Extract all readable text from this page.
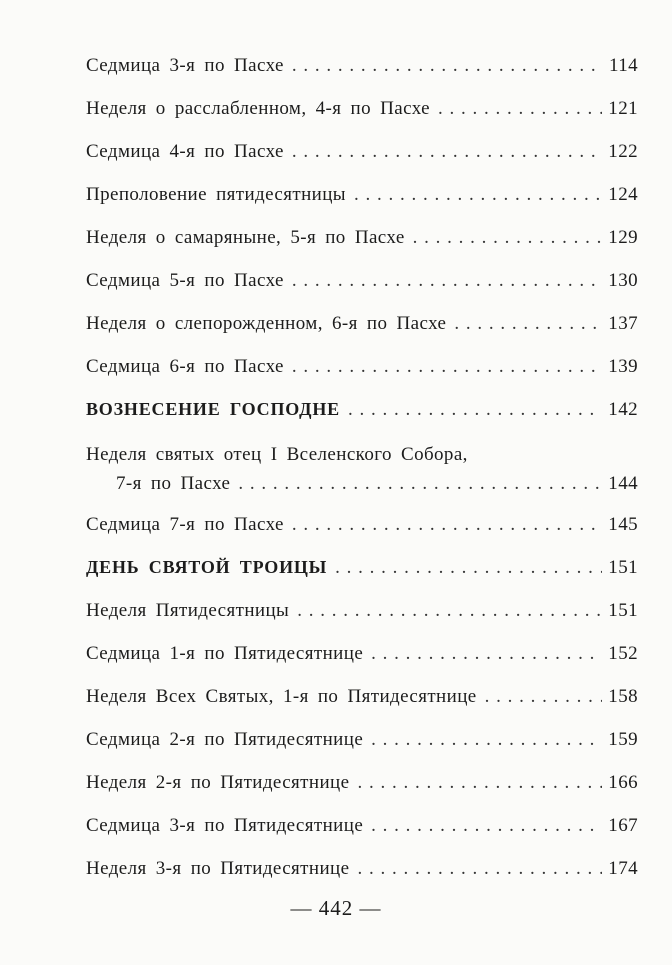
Седмица 3-я по Пасхе . . .	114
Неделя о расслабленном, 4-я по Пасхе . . .	121
Седмица 4-я по Пасхе . . .	122
Преполовение пятидесятницы . . .	124
Неделя о самаряныне, 5-я по Пасхе . . .	129
Седмица 5-я по Пасхе . . .	130
Неделя о слепорожденном, 6-я по Пасхе . . .	137
Седмица 6-я по Пасхе . . .	139
ВОЗНЕСЕНИЕ ГОСПОДНЕ . . .	142
Неделя святых отец I Вселенского Собора,
7-я по Пасхе . . .	144
Седмица 7-я по Пасхе . . .	145
ДЕНЬ СВЯТОЙ ТРОИЦЫ . . .	151
Неделя Пятидесятницы . . .	151
Седмица 1-я по Пятидесятнице . . .	152
Неделя Всех Святых, 1-я по Пятидесятнице . . .	158
Седмица 2-я по Пятидесятнице . . .	159
Неделя 2-я по Пятидесятнице . . .	166
Седмица 3-я по Пятидесятнице . . .	167
Неделя 3-я по Пятидесятнице . . .	174
— 442 —
